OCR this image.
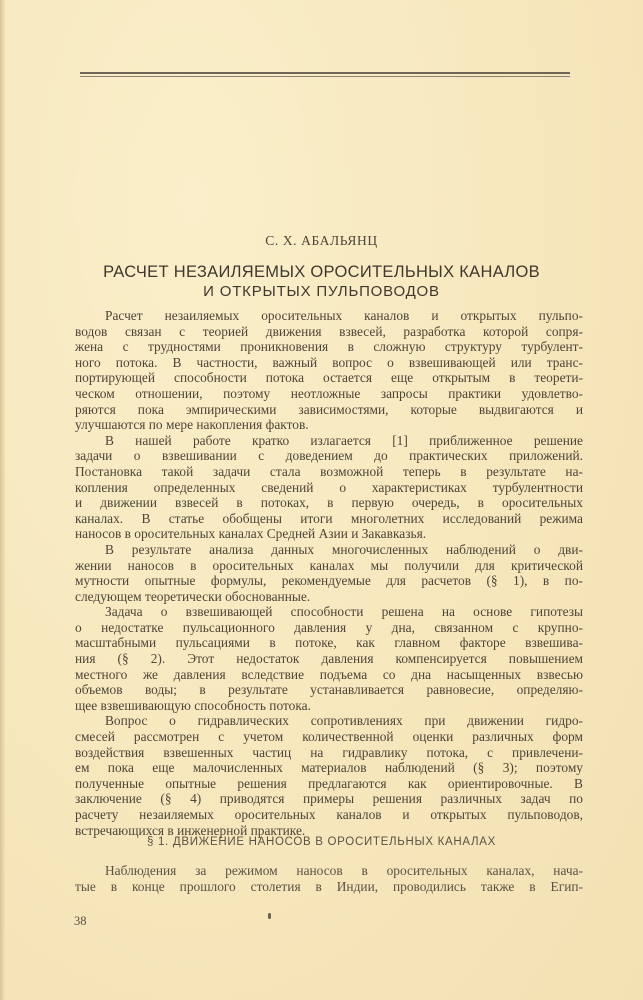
С. Х. АБАЛЬЯНЦ
РАСЧЕТ НЕЗАИЛЯЕМЫХ ОРОСИТЕЛЬНЫХ КАНАЛОВ
И ОТКРЫТЫХ ПУЛЬПОВОДОВ

Расчет незаиляемых оросительных каналов и открытых пульпо-
водов связан с теорией движения взвесей, разработка которой сопря-
жена с трудностями проникновения в сложную структуру турбулент-
ного потока. В частности, важный вопрос о взвешивающей или транс-
портирующей способности потока остается еще открытым в теорети-
ческом отношении, поэтому неотложные запросы практики удовлетво-
ряются пока эмпирическими зависимостями, которые выдвигаются и
улучшаются по мере накопления фактов.

В нашей работе кратко излагается [1] приближенное решение
задачи о взвешивании с доведением до практических приложений.
Постановка такой задачи стала возможной теперь в результате на-
копления определенных сведений о характеристиках турбулентности
и движении взвесей в потоках, в первую очередь, в оросительных
каналах. В статье обобщены итоги многолетних исследований режима
наносов в оросительных каналах Средней Азии и Закавказья.

В результате анализа данных многочисленных наблюдений о дви-
жении наносов в оросительных каналах мы получили для критической
мутности опытные формулы, рекомендуемые для расчетов (§ 1), в по-
следующем теоретически обоснованные.

Задача о взвешивающей способности решена на основе гипотезы
о недостатке пульсационного давления у дна, связанном с крупно-
масштабными пульсациями в потоке, как главном факторе взвешива-
ния (§ 2). Этот недостаток давления компенсируется повышением
местного же давления вследствие подъема со дна насыщенных взвесью
объемов воды; в результате устанавливается равновесие, определяю-
щее взвешивающую способность потока.

Вопрос о гидравлических сопротивлениях при движении гидро-
смесей рассмотрен с учетом количественной оценки различных форм
воздействия взвешенных частиц на гидравлику потока, с привлечени-
ем пока еще малочисленных материалов наблюдений (§ 3); поэтому
полученные опытные решения предлагаются как ориентировочные. В
заключение (§ 4) приводятся примеры решения различных задач по
расчету незаиляемых оросительных каналов и открытых пульповодов,
встречающихся в инженерной практике.

§ 1. ДВИЖЕНИЕ НАНОСОВ В ОРОСИТЕЛЬНЫХ КАНАЛАХ
Наблюдения за режимом наносов в оросительных каналах, нача-
тые в конце прошлого столетия в Индии, проводились также в Егип-
38
